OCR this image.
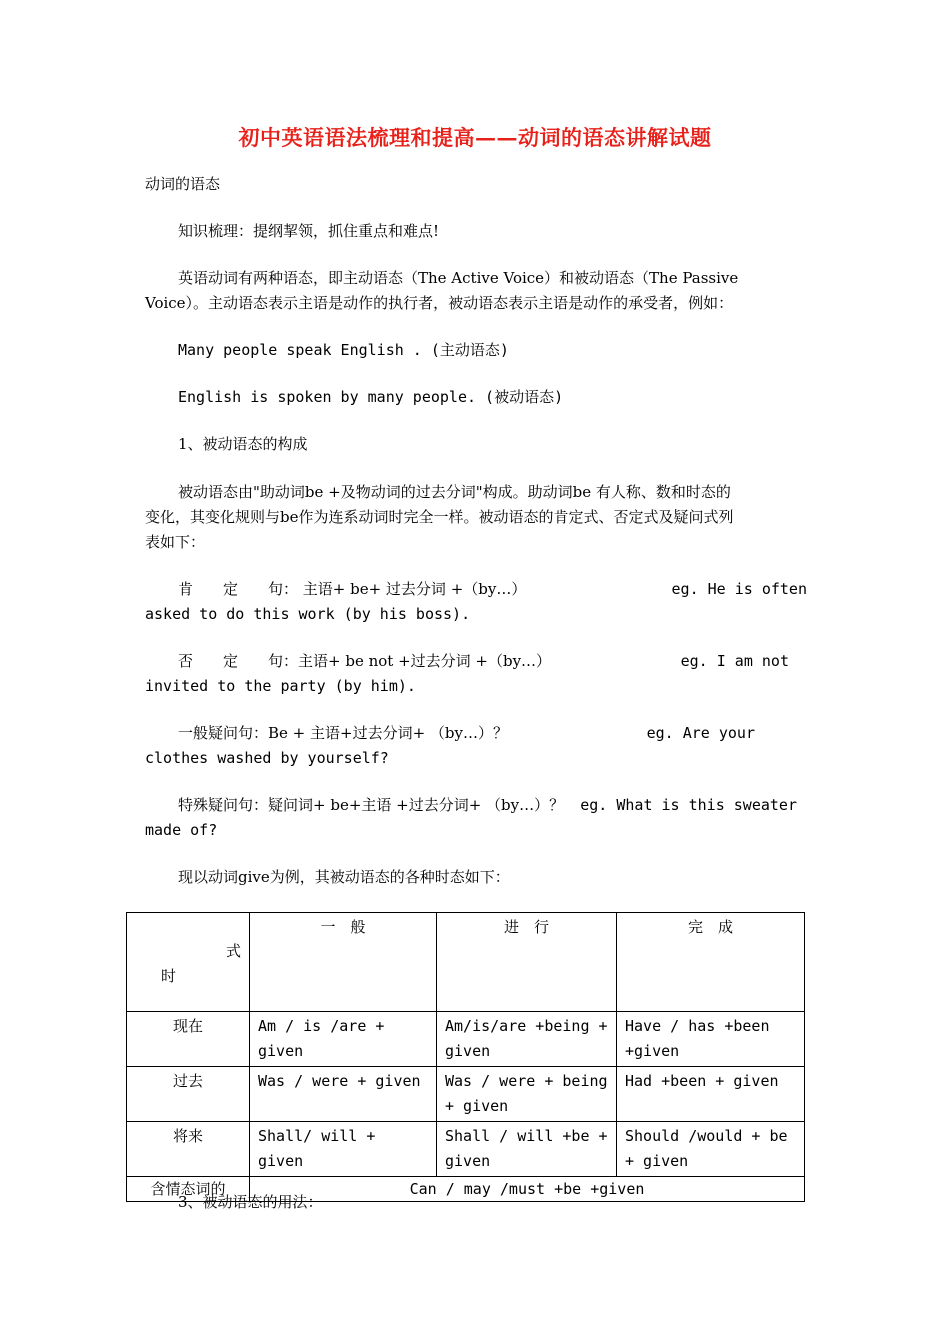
初中英语语法梳理和提高——动词的语态讲解试题
动词的语态
知识梳理：提纲挈领，抓住重点和难点!
英语动词有两种语态，即主动语态（The Active Voice）和被动语态（The Passive
Voice）。主动语态表示主语是动作的执行者，被动语态表示主语是动作的承受者，例如：
Many people speak English . (主动语态)
English is spoken by many people. (被动语态)
1、被动语态的构成
被动语态由"助动词be +及物动词的过去分词"构成。助动词be 有人称、数和时态的
变化，其变化规则与be作为连系动词时完全一样。被动语态的肯定式、否定式及疑问式列
表如下：
肯　　定　　句： 主语+ be+ 过去分词 +（by…）	eg. He is often
asked to do this work (by his boss).
否　　定　　句：主语+ be not +过去分词 +（by…）	eg. I am not
invited to the party (by him).
一般疑问句：Be + 主语+过去分词+ （by…）？	eg. Are your
clothes washed by yourself?
特殊疑问句：疑问词+ be+主语 +过去分词+ （by…）？ eg. What is this sweater
made of?
现以动词give为例，其被动语态的各种时态如下：
式
时	一　般	进　行	完　成
现在	Am / is /are + given	Am/is/are +being + given	Have / has +been +given
过去	Was / were + given	Was / were + being + given	Had +been + given
将来	Shall/ will + given	Shall / will +be + given	Should /would + be + given
含情态词的	Can / may /must +be +given		
3、被动语态的用法：
